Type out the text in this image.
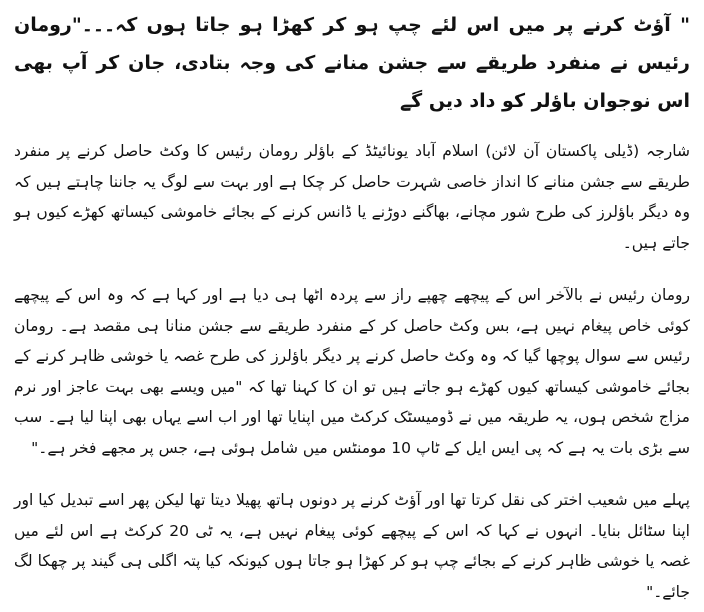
" آؤٹ کرنے پر میں اس لئے چپ ہو کر کھڑا ہو جاتا ہوں کہ۔۔۔"رومان رئیس نے منفرد طریقے سے جشن منانے کی وجہ بتادی، جان کر آپ بھی اس نوجوان باؤلر کو داد دیں گے

شارجہ (ڈیلی پاکستان آن لائن) اسلام آباد یونائیٹڈ کے باؤلر رومان رئیس کا وکٹ حاصل کرنے پر منفرد طریقے سے جشن منانے کا انداز خاصی شہرت حاصل کر چکا ہے اور بہت سے لوگ یہ جاننا چاہتے ہیں کہ وہ دیگر باؤلرز کی طرح شور مچانے، بھاگنے دوڑنے یا ڈانس کرنے کے بجائے خاموشی کیساتھ کھڑے کیوں ہو جاتے ہیں۔

رومان رئیس نے بالآخر اس کے پیچھے چھپے راز سے پردہ اٹھا ہی دیا ہے اور کہا ہے کہ وہ اس کے پیچھے کوئی خاص پیغام نہیں ہے، بس وکٹ حاصل کر کے منفرد طریقے سے جشن منانا ہی مقصد ہے۔ رومان رئیس سے سوال پوچھا گیا کہ وہ وکٹ حاصل کرنے پر دیگر باؤلرز کی طرح غصہ یا خوشی ظاہر کرنے کے بجائے خاموشی کیساتھ کیوں کھڑے ہو جاتے ہیں تو ان کا کہنا تھا کہ "میں ویسے بھی بہت عاجز اور نرم مزاج شخص ہوں، یہ طریقہ میں نے ڈومیسٹک کرکٹ میں اپنایا تھا اور اب اسے یہاں بھی اپنا لیا ہے۔ سب سے بڑی بات یہ ہے کہ پی ایس ایل کے ٹاپ 10 مومنٹس میں شامل ہوئی ہے، جس پر مجھے فخر ہے۔"

پہلے میں شعیب اختر کی نقل کرتا تھا اور آؤٹ کرنے پر دونوں ہاتھ پھیلا دیتا تھا لیکن پھر اسے تبدیل کیا اور اپنا سٹائل بنایا۔ انہوں نے کہا کہ اس کے پیچھے کوئی پیغام نہیں ہے، یہ ٹی 20 کرکٹ ہے اس لئے میں غصہ یا خوشی ظاہر کرنے کے بجائے چپ ہو کر کھڑا ہو جاتا ہوں کیونکہ کیا پتہ اگلی ہی گیند پر چھکا لگ جائے۔"
